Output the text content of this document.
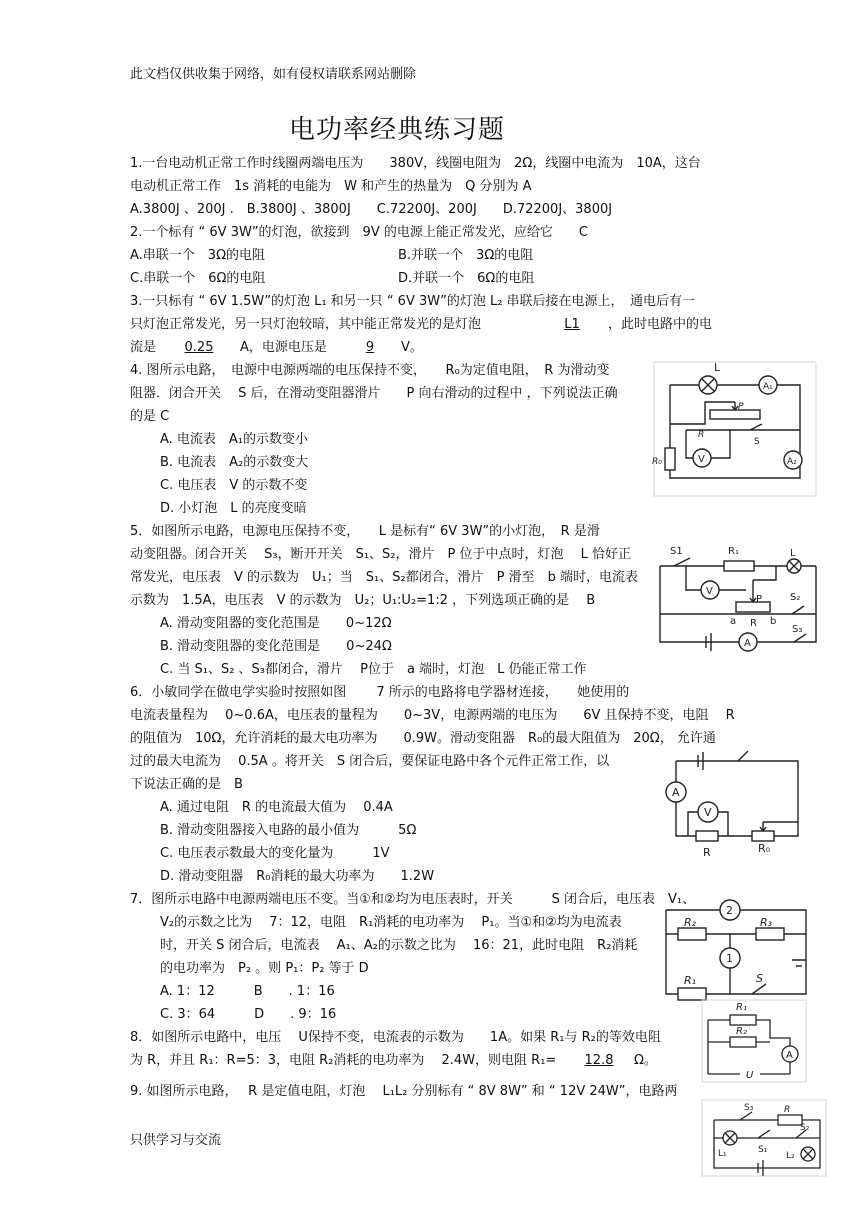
此文档仅供收集于网络，如有侵权请联系网站删除
电功率经典练习题
1.一台电动机正常工作时线圈两端电压为　　380V，线圈电阻为　2Ω，线圈中电流为　10A，这台
电动机正常工作　1s 消耗的电能为　W 和产生的热量为　Q 分别为 A
A.3800J 、200J .　B.3800J 、3800J　　C.72200J、200J　　D.72200J、3800J
2.一个标有 “ 6V 3W”的灯泡，欲接到　9V 的电源上能正常发光，应给它　　C
A.串联一个　3Ω的电阻	B.并联一个　3Ω的电阻
C.串联一个　6Ω的电阻	D.并联一个　6Ω的电阻
3.一只标有 “ 6V 1.5W”的灯泡 L₁ 和另一只 “ 6V 3W”的灯泡 L₂ 串联后接在电源上，　通电后有一
只灯泡正常发光，另一只灯泡较暗，其中能正常发光的是灯泡	L1	，此时电路中的电
流是	0.25	A，电源电压是	9	V。
4. 图所示电路，　电源中电源两端的电压保持不变，　　R₀为定值电阻，　R 为滑动变
阻器．闭合开关　 S 后，在滑动变阻器滑片　　P 向右滑动的过程中 ，下列说法正确
的是 C
A. 电流表　A₁的示数变小
B. 电流表　A₂的示数变大
C. 电压表　V 的示数不变
D. 小灯泡　L 的亮度变暗
5．如图所示电路，电源电压保持不变，　　L 是标有“ 6V 3W”的小灯泡，　R 是滑
动变阻器。闭合开关　 S₃，断开开关　S₁、S₂，滑片　P 位于中点时，灯泡　 L 恰好正
常发光，电压表　V 的示数为　U₁；当　S₁、S₂都闭合，滑片　P 滑至　b 端时，电流表
示数为　1.5A，电压表　V 的示数为　U₂；U₁:U₂=1:2 ，下列选项正确的是　 B
A. 滑动变阻器的变化范围是　　0~12Ω
B. 滑动变阻器的变化范围是　　0~24Ω
C. 当 S₁、S₂ 、S₃都闭合，滑片　 P位于　a 端时，灯泡　L 仍能正常工作
6．小敏同学在做电学实验时按照如图　　 7 所示的电路将电学器材连接，　　她使用的
电流表量程为　 0~0.6A，电压表的量程为　　0~3V，电源两端的电压为　　6V 且保持不变，电阻　 R
的阻值为　10Ω，允许消耗的最大电功率为　　0.9W。滑动变阻器　R₀的最大阻值为　20Ω， 允许通
过的最大电流为　 0.5A 。将开关　S 闭合后，要保证电路中各个元件正常工作，以
下说法正确的是　B
A. 通过电阻　R 的电流最大值为　 0.4A
B. 滑动变阻器接入电路的最小值为　　　5Ω
C. 电压表示数最大的变化量为　　　1V
D. 滑动变阻器　R₀消耗的最大功率为　　1.2W
7．图所示电路中电源两端电压不变。当①和②均为电压表时，开关　　　S 闭合后，电压表　V₁、
V₂的示数之比为　 7：12，电阻　R₁消耗的电功率为　 P₁。当①和②均为电流表
时，开关 S 闭合后，电流表　 A₁、A₂的示数之比为　 16：21，此时电阻　R₂消耗
的电功率为　P₂ 。则 P₁：P₂ 等于 D
A. 1：12　　　B　　. 1：16
C. 3：64　　　D　　. 9：16
8．如图所示电路中，电压　 U保持不变，电流表的示数为　　1A。如果 R₁与 R₂的等效电阻
为 R，并且 R₁：R=5：3，电阻 R₂消耗的电功率为　 2.4W，则电阻 R₁=	12.8	Ω。
9. 如图所示电路，　 R 是定值电阻，灯泡　 L₁L₂ 分别标有 “ 8V 8W” 和 “ 12V 24W”，电路两
只供学习与交流
L
A₁
P
R
S
V
R₀	A₂
S1	R₁	L
V
P	S₂
a R b
S₃
A
A
V
R	R₀
2
1
R₂	R₃
R₁	S
R₁
R₂
A
U
S₃	R
S₂
L₁	S₁
L₂
